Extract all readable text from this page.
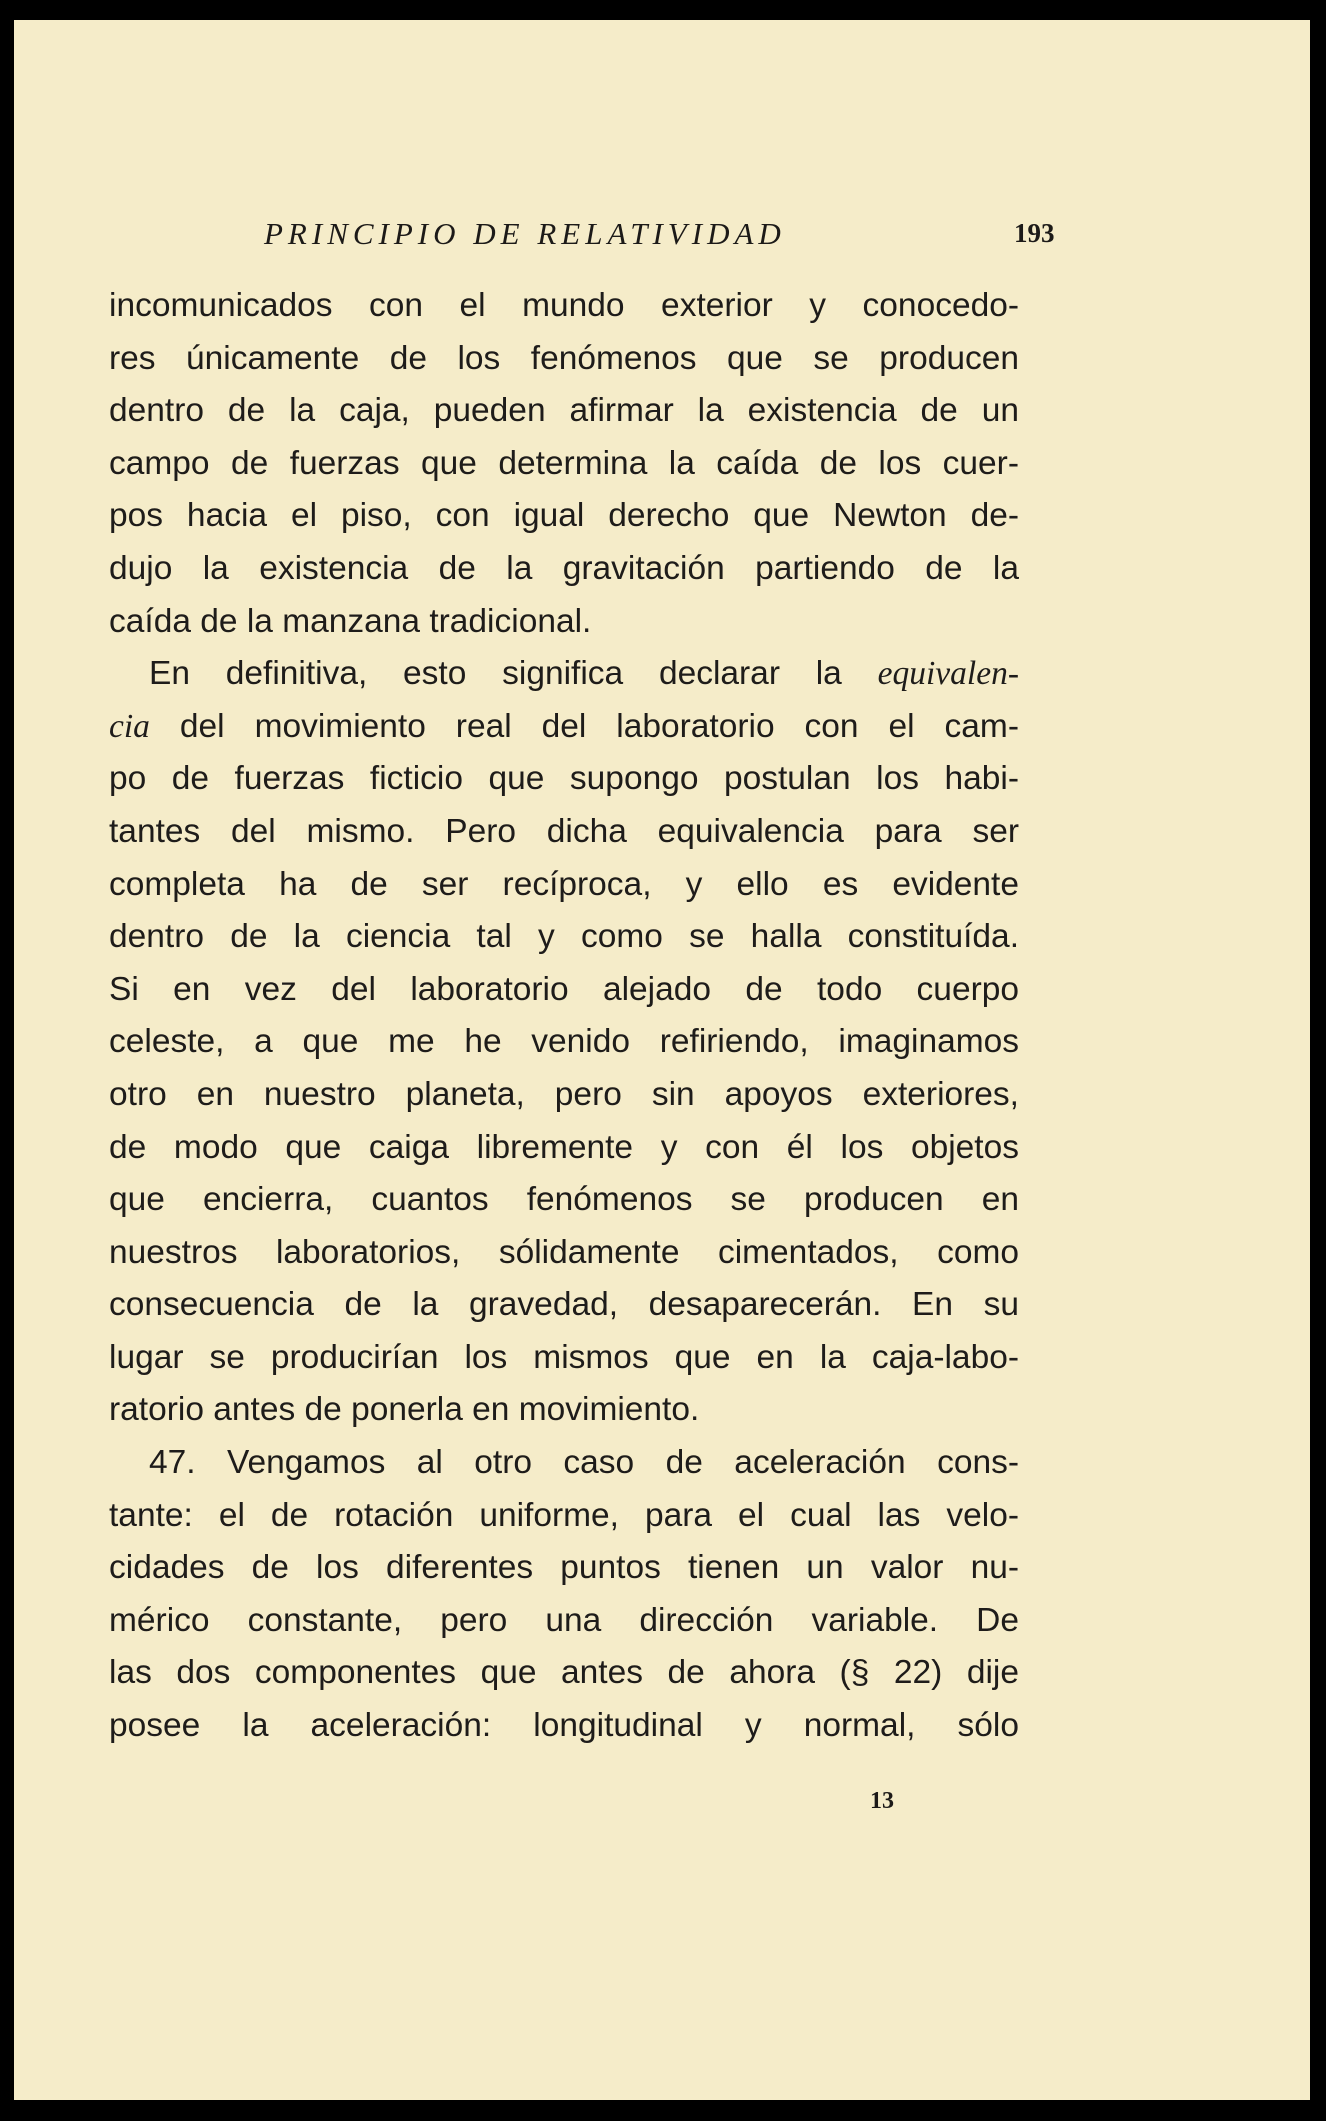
PRINCIPIO DE RELATIVIDAD	193
incomunicados con el mundo exterior y conocedo-
res únicamente de los fenómenos que se producen
dentro de la caja, pueden afirmar la existencia de un
campo de fuerzas que determina la caída de los cuer-
pos hacia el piso, con igual derecho que Newton de-
dujo la existencia de la gravitación partiendo de la
caída de la manzana tradicional.
En definitiva, esto significa declarar la equivalen-
cia del movimiento real del laboratorio con el cam-
po de fuerzas ficticio que supongo postulan los habi-
tantes del mismo. Pero dicha equivalencia para ser
completa ha de ser recíproca, y ello es evidente
dentro de la ciencia tal y como se halla constituída.
Si en vez del laboratorio alejado de todo cuerpo
celeste, a que me he venido refiriendo, imaginamos
otro en nuestro planeta, pero sin apoyos exteriores,
de modo que caiga libremente y con él los objetos
que encierra, cuantos fenómenos se producen en
nuestros laboratorios, sólidamente cimentados, como
consecuencia de la gravedad, desaparecerán. En su
lugar se producirían los mismos que en la caja-labo-
ratorio antes de ponerla en movimiento.
47. Vengamos al otro caso de aceleración cons-
tante: el de rotación uniforme, para el cual las velo-
cidades de los diferentes puntos tienen un valor nu-
mérico constante, pero una dirección variable. De
las dos componentes que antes de ahora (§ 22) dije
posee la aceleración: longitudinal y normal, sólo
13
